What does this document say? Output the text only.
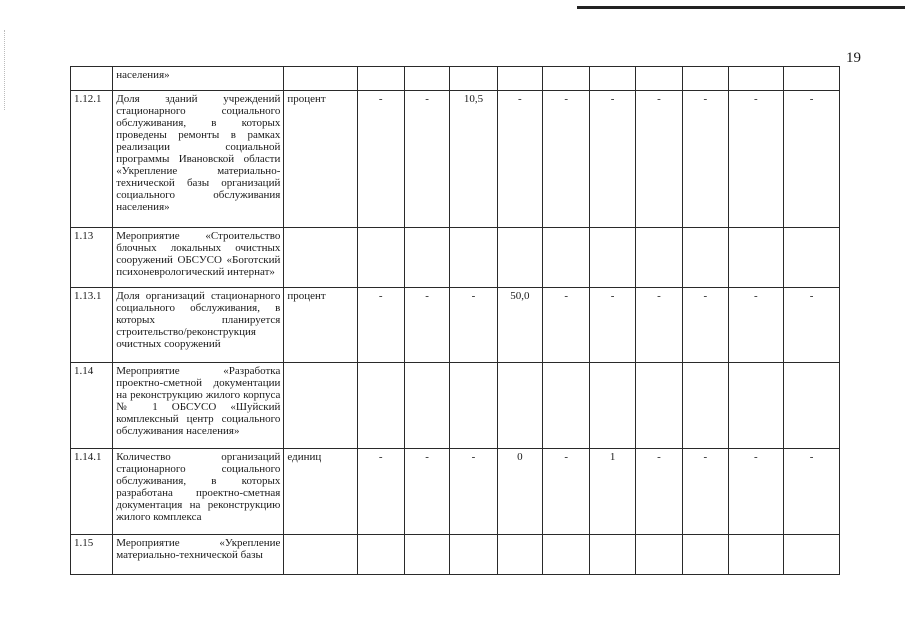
19
	населения»											
1.12.1	Доля зданий учреждений стационарного социального обслуживания, в которых проведены ремонты в рамках реализации социальной программы Ивановской области «Укрепление материально-технической базы организаций социального обслуживания населения»	процент	-	-	10,5	-	-	-	-	-	-	-
1.13	Мероприятие «Строительство блочных локальных очистных сооружений ОБСУСО «Боготский психоневрологический интернат»											
1.13.1	Доля организаций стационарного социального обслуживания, в которых планируется строительство/реконструкция очистных сооружений	процент	-	-	-	50,0	-	-	-	-	-	-
1.14	Мероприятие «Разработка проектно-сметной документации на реконструкцию жилого корпуса № 1 ОБСУСО «Шуйский комплексный центр социального обслуживания населения»											
1.14.1	Количество организаций стационарного социального обслуживания, в которых разработана проектно-сметная документация на реконструкцию жилого комплекса	единиц	-	-	-	0	-	1	-	-	-	-
1.15	Мероприятие «Укрепление материально-технической базы											
